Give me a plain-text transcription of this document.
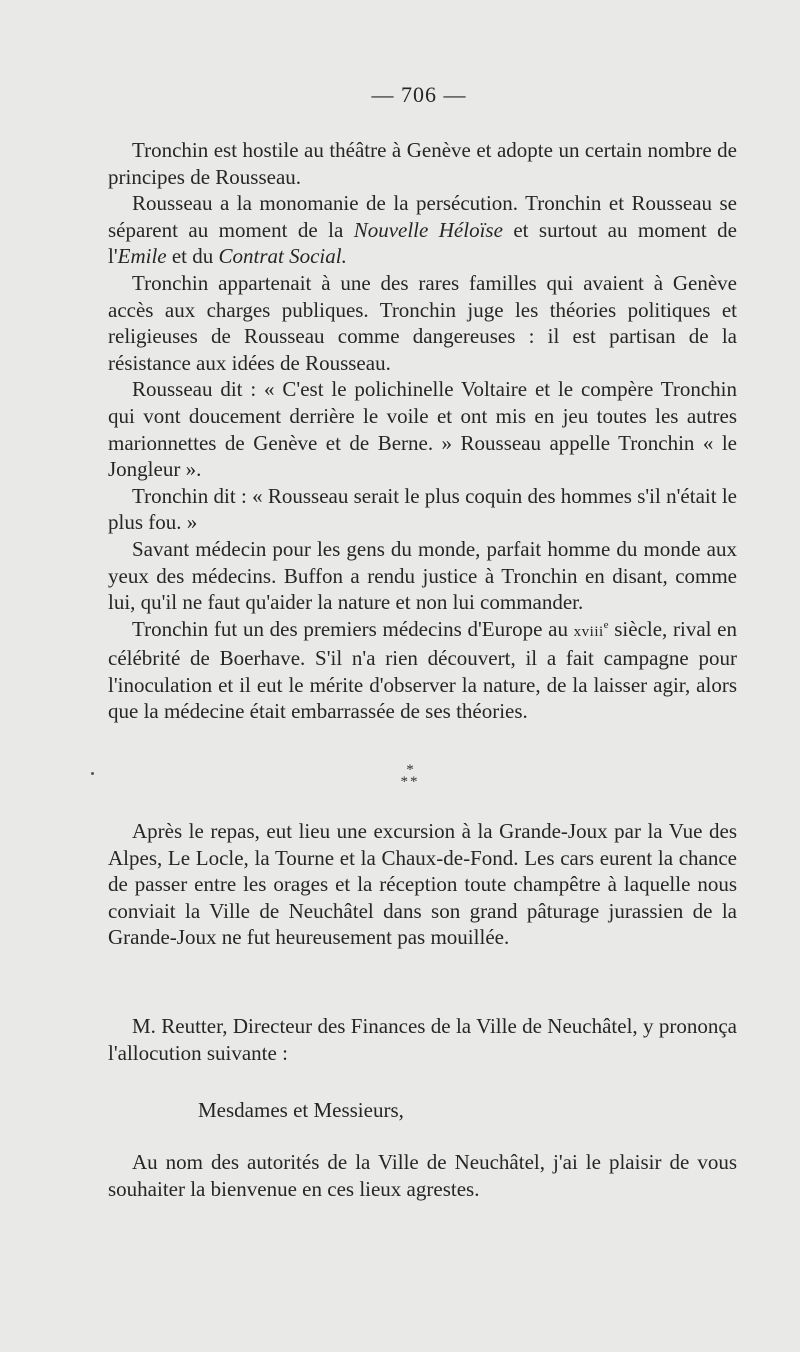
— 706 —

Tronchin est hostile au théâtre à Genève et adopte un certain nombre de principes de Rousseau.

Rousseau a la monomanie de la persécution. Tronchin et Rousseau se séparent au moment de la Nouvelle Héloïse et surtout au moment de l'Emile et du Contrat Social.

Tronchin appartenait à une des rares familles qui avaient à Genève accès aux charges publiques. Tronchin juge les théories politiques et religieuses de Rousseau comme dangereuses : il est partisan de la résistance aux idées de Rousseau.

Rousseau dit : « C'est le polichinelle Voltaire et le compère Tronchin qui vont doucement derrière le voile et ont mis en jeu toutes les autres marionnettes de Genève et de Berne. » Rousseau appelle Tronchin « le Jongleur ».

Tronchin dit : « Rousseau serait le plus coquin des hommes s'il n'était le plus fou. »

Savant médecin pour les gens du monde, parfait homme du monde aux yeux des médecins. Buffon a rendu justice à Tronchin en disant, comme lui, qu'il ne faut qu'aider la nature et non lui commander.

Tronchin fut un des premiers médecins d'Europe au xviii$^e$ siècle, rival en célébrité de Boerhave. S'il n'a rien découvert, il a fait campagne pour l'inoculation et il eut le mérite d'observer la nature, de la laisser agir, alors que la médecine était embarrassée de ses théories.

*
**

Après le repas, eut lieu une excursion à la Grande-Joux par la Vue des Alpes, Le Locle, la Tourne et la Chaux-de-Fond. Les cars eurent la chance de passer entre les orages et la réception toute champêtre à laquelle nous conviait la Ville de Neuchâtel dans son grand pâturage jurassien de la Grande-Joux ne fut heureusement pas mouillée.

M. Reutter, Directeur des Finances de la Ville de Neuchâtel, y prononça l'allocution suivante :

Mesdames et Messieurs,

Au nom des autorités de la Ville de Neuchâtel, j'ai le plaisir de vous souhaiter la bienvenue en ces lieux agrestes.
